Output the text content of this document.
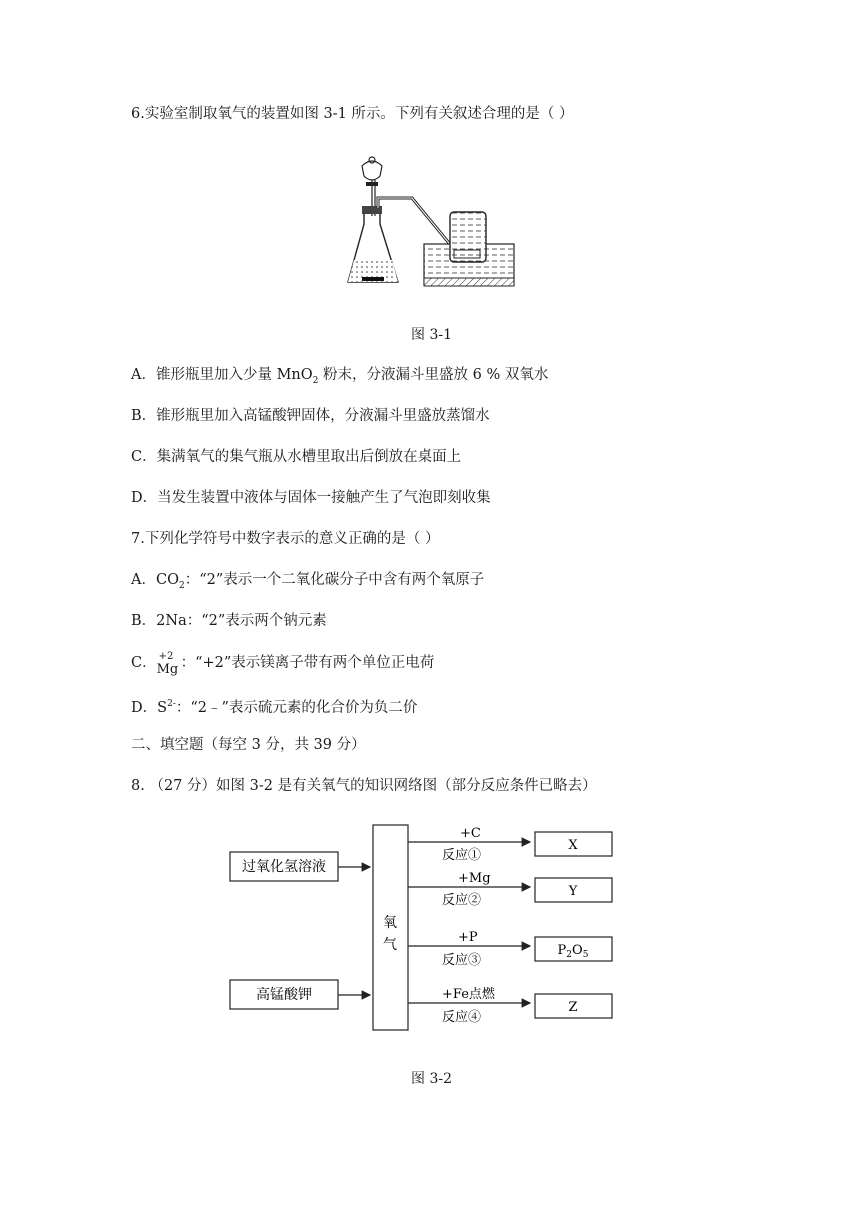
6.实验室制取氧气的装置如图 3-1 所示。下列有关叙述合理的是（ ）
图 3-1
A．锥形瓶里加入少量 MnO$_2$ 粉末，分液漏斗里盛放 6 % 双氧水
B．锥形瓶里加入高锰酸钾固体，分液漏斗里盛放蒸馏水
C．集满氧气的集气瓶从水槽里取出后倒放在桌面上
D．当发生装置中液体与固体一接触产生了气泡即刻收集
7.下列化学符号中数字表示的意义正确的是（ ）
A．$CO_2$：“2”表示一个二氧化碳分子中含有两个氧原子
B．2Na：“2”表示两个钠元素
C． +2
Mg ：“+2”表示镁离子带有两个单位正电荷
D．$S^{2-}$：“2﹣”表示硫元素的化合价为负二价
二、填空题（每空 3 分，共 39 分）
8. （27 分）如图 3-2 是有关氧气的知识网络图（部分反应条件已略去）
过氧化氢溶液
高锰酸钾
氧
气
+C
反应①
X
+Mg
反应②
Y
+P
反应③
$P_2O_5$
+Fe点燃
反应④
Z
图 3-2
